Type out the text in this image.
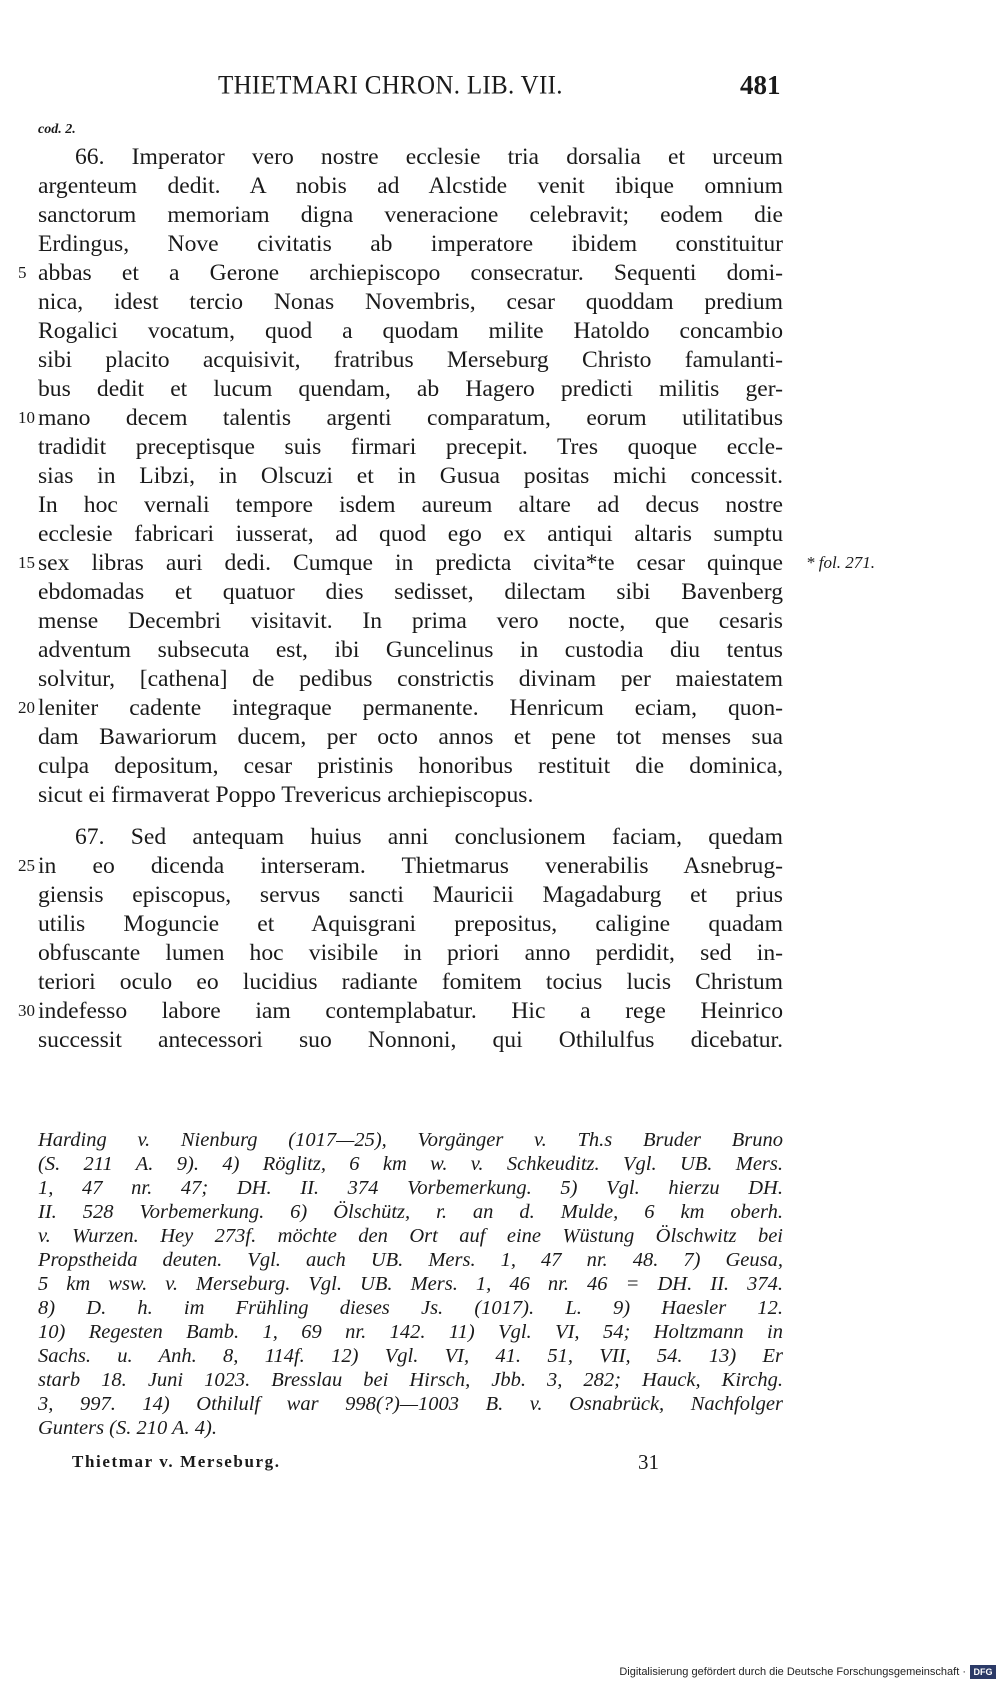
THIETMARI CHRON. LIB. VII.	481
cod. 2.
66. Imperator vero nostre ecclesie tria dorsalia et urceum
argenteum dedit. A nobis ad Alcstide venit ibique omnium
sanctorum memoriam digna veneracione celebravit; eodem die
Erdingus, Nove civitatis ab imperatore ibidem constituitur
abbas et a Gerone archiepiscopo consecratur. Sequenti domi-
nica, idest tercio Nonas Novembris, cesar quoddam predium
Rogalici vocatum, quod a quodam milite Hatoldo concambio
sibi placito acquisivit, fratribus Merseburg Christo famulanti-
bus dedit et lucum quendam, ab Hagero predicti militis ger-
mano decem talentis argenti comparatum, eorum utilitatibus
tradidit preceptisque suis firmari precepit. Tres quoque eccle-
sias in Libzi, in Olscuzi et in Gusua positas michi concessit.
In hoc vernali tempore isdem aureum altare ad decus nostre
ecclesie fabricari iusserat, ad quod ego ex antiqui altaris sumptu
sex libras auri dedi. Cumque in predicta civita*te cesar quinque
ebdomadas et quatuor dies sedisset, dilectam sibi Bavenberg
mense Decembri visitavit. In prima vero nocte, que cesaris
adventum subsecuta est, ibi Guncelinus in custodia diu tentus
solvitur, [cathena] de pedibus constrictis divinam per maiestatem
leniter cadente integraque permanente. Henricum eciam, quon-
dam Bawariorum ducem, per octo annos et pene tot menses sua
culpa depositum, cesar pristinis honoribus restituit die dominica,
sicut ei firmaverat Poppo Trevericus archiepiscopus.
67. Sed antequam huius anni conclusionem faciam, quedam
in eo dicenda interseram. Thietmarus venerabilis Asnebrug-
giensis episcopus, servus sancti Mauricii Magadaburg et prius
utilis Moguncie et Aquisgrani prepositus, caligine quadam
obfuscante lumen hoc visibile in priori anno perdidit, sed in-
teriori oculo eo lucidius radiante fomitem tocius lucis Christum
indefesso labore iam contemplabatur. Hic a rege Heinrico
successit antecessori suo Nonnoni, qui Othilulfus dicebatur.
5
10
15
20
25
30
* fol. 271.
Harding v. Nienburg (1017—25), Vorgänger v. Th.s Bruder Bruno
(S. 211 A. 9). 4) Röglitz, 6 km w. v. Schkeuditz. Vgl. UB. Mers.
1, 47 nr. 47; DH. II. 374 Vorbemerkung. 5) Vgl. hierzu DH.
II. 528 Vorbemerkung. 6) Ölschütz, r. an d. Mulde, 6 km oberh.
v. Wurzen. Hey 273f. möchte den Ort auf eine Wüstung Ölschwitz bei
Propstheida deuten. Vgl. auch UB. Mers. 1, 47 nr. 48. 7) Geusa,
5 km wsw. v. Merseburg. Vgl. UB. Mers. 1, 46 nr. 46 = DH. II. 374.
8) D. h. im Frühling dieses Js. (1017). L. 9) Haesler 12.
10) Regesten Bamb. 1, 69 nr. 142. 11) Vgl. VI, 54; Holtzmann in
Sachs. u. Anh. 8, 114f. 12) Vgl. VI, 41. 51, VII, 54. 13) Er
starb 18. Juni 1023. Bresslau bei Hirsch, Jbb. 3, 282; Hauck, Kirchg.
3, 997. 14) Othilulf war 998(?)—1003 B. v. Osnabrück, Nachfolger
Gunters (S. 210 A. 4).
Thietmar v. Merseburg.	31
Digitalisierung gefördert durch die Deutsche Forschungsgemeinschaft · DFG
